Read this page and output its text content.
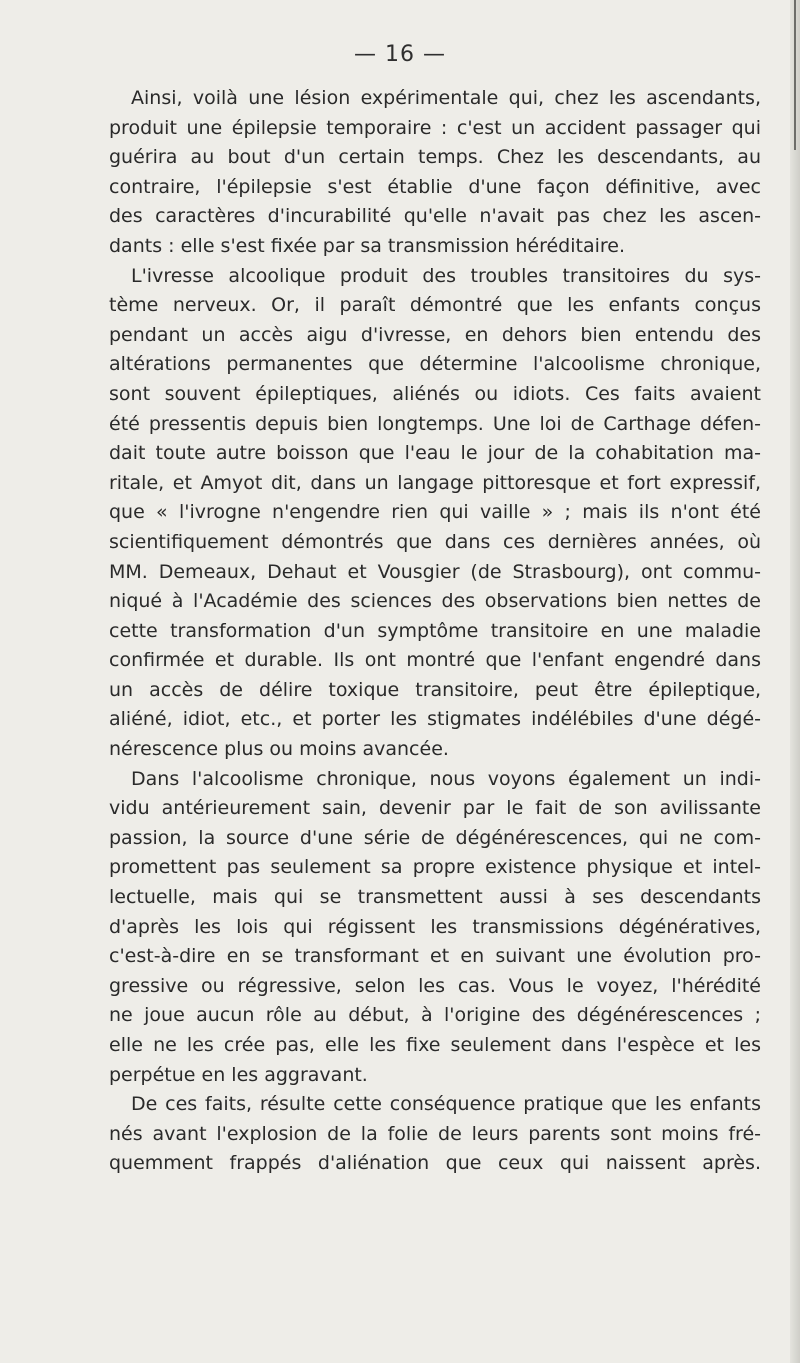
— 16 —
Ainsi, voilà une lésion expérimentale qui, chez les ascendants,
produit une épilepsie temporaire : c'est un accident passager qui
guérira au bout d'un certain temps. Chez les descendants, au
contraire, l'épilepsie s'est établie d'une façon définitive, avec
des caractères d'incurabilité qu'elle n'avait pas chez les ascen-
dants : elle s'est fixée par sa transmission héréditaire.
L'ivresse alcoolique produit des troubles transitoires du sys-
tème nerveux. Or, il paraît démontré que les enfants conçus
pendant un accès aigu d'ivresse, en dehors bien entendu des
altérations permanentes que détermine l'alcoolisme chronique,
sont souvent épileptiques, aliénés ou idiots. Ces faits avaient
été pressentis depuis bien longtemps. Une loi de Carthage défen-
dait toute autre boisson que l'eau le jour de la cohabitation ma-
ritale, et Amyot dit, dans un langage pittoresque et fort expressif,
que « l'ivrogne n'engendre rien qui vaille » ; mais ils n'ont été
scientifiquement démontrés que dans ces dernières années, où
MM. Demeaux, Dehaut et Vousgier (de Strasbourg), ont commu-
niqué à l'Académie des sciences des observations bien nettes de
cette transformation d'un symptôme transitoire en une maladie
confirmée et durable. Ils ont montré que l'enfant engendré dans
un accès de délire toxique transitoire, peut être épileptique,
aliéné, idiot, etc., et porter les stigmates indélébiles d'une dégé-
nérescence plus ou moins avancée.
Dans l'alcoolisme chronique, nous voyons également un indi-
vidu antérieurement sain, devenir par le fait de son avilissante
passion, la source d'une série de dégénérescences, qui ne com-
promettent pas seulement sa propre existence physique et intel-
lectuelle, mais qui se transmettent aussi à ses descendants
d'après les lois qui régissent les transmissions dégénératives,
c'est-à-dire en se transformant et en suivant une évolution pro-
gressive ou régressive, selon les cas. Vous le voyez, l'hérédité
ne joue aucun rôle au début, à l'origine des dégénérescences ;
elle ne les crée pas, elle les fixe seulement dans l'espèce et les
perpétue en les aggravant.
De ces faits, résulte cette conséquence pratique que les enfants
nés avant l'explosion de la folie de leurs parents sont moins fré-
quemment frappés d'aliénation que ceux qui naissent après.
